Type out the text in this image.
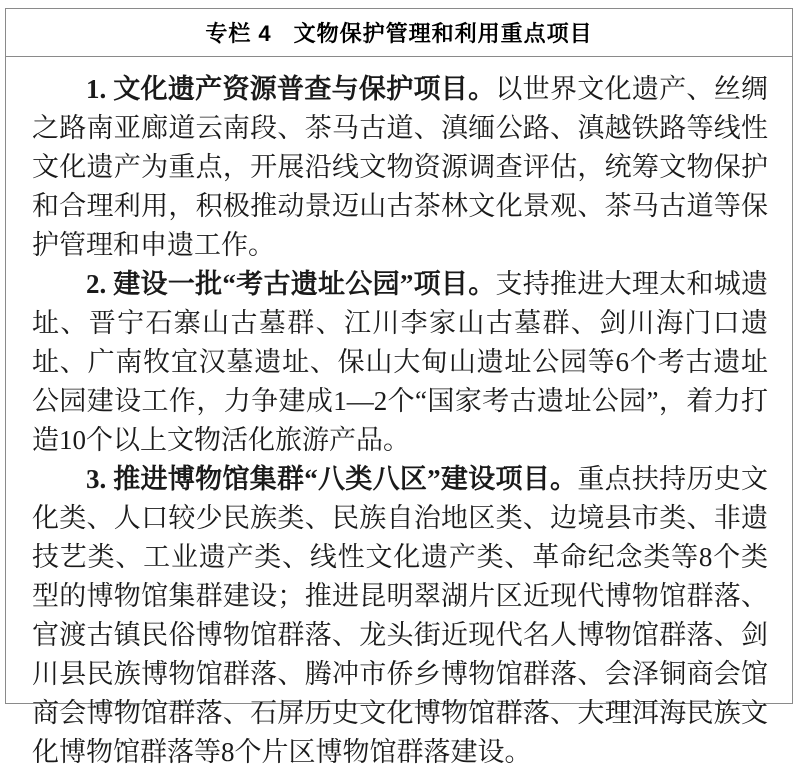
专栏 4 文物保护管理和利用重点项目

1. 文化遗产资源普查与保护项目。以世界文化遗产、丝绸之路南亚廊道云南段、茶马古道、滇缅公路、滇越铁路等线性文化遗产为重点，开展沿线文物资源调查评估，统筹文物保护和合理利用，积极推动景迈山古茶林文化景观、茶马古道等保护管理和申遗工作。

2. 建设一批“考古遗址公园”项目。支持推进大理太和城遗址、晋宁石寨山古墓群、江川李家山古墓群、剑川海门口遗址、广南牧宜汉墓遗址、保山大甸山遗址公园等6个考古遗址公园建设工作，力争建成1—2个“国家考古遗址公园”，着力打造10个以上文物活化旅游产品。

3. 推进博物馆集群“八类八区”建设项目。重点扶持历史文化类、人口较少民族类、民族自治地区类、边境县市类、非遗技艺类、工业遗产类、线性文化遗产类、革命纪念类等8个类型的博物馆集群建设；推进昆明翠湖片区近现代博物馆群落、官渡古镇民俗博物馆群落、龙头街近现代名人博物馆群落、剑川县民族博物馆群落、腾冲市侨乡博物馆群落、会泽铜商会馆商会博物馆群落、石屏历史文化博物馆群落、大理洱海民族文化博物馆群落等8个片区博物馆群落建设。
